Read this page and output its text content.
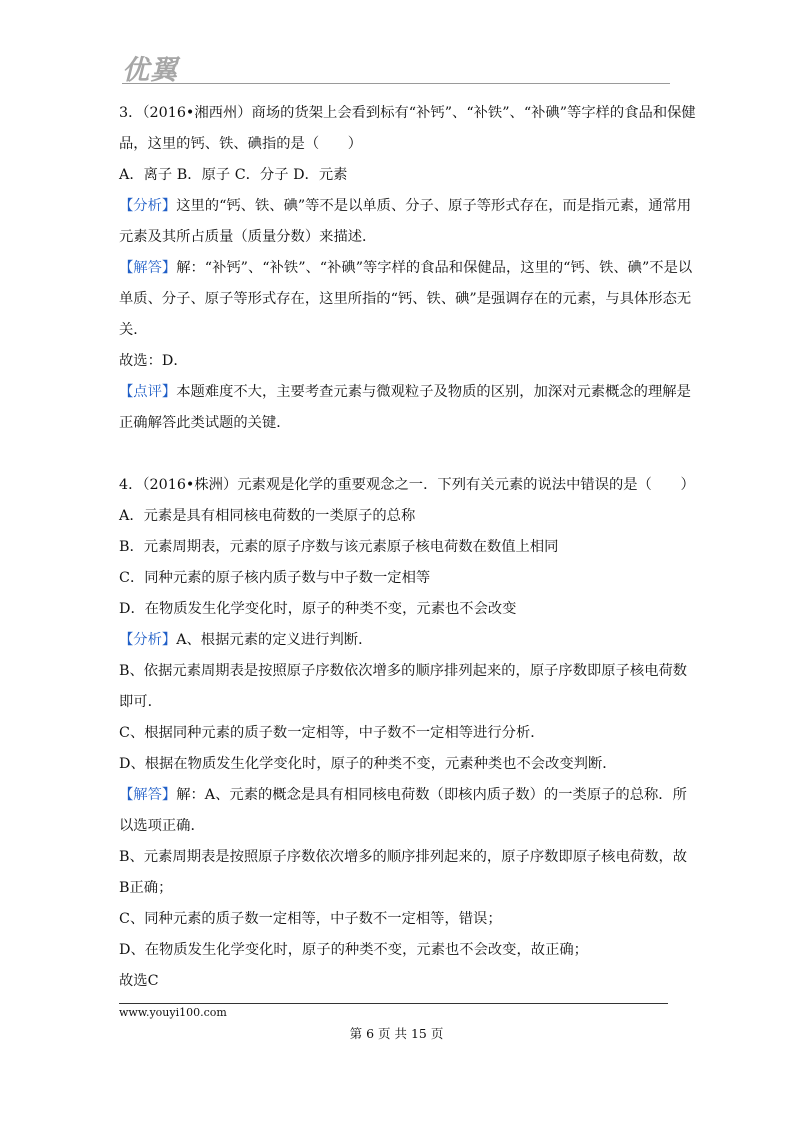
优翼
3．（2016•湘西州）商场的货架上会看到标有“补钙”、“补铁”、“补碘”等字样的食品和保健
品，这里的钙、铁、碘指的是（　　）
A．离子 B．原子 C．分子 D．元素
【分析】这里的“钙、铁、碘”等不是以单质、分子、原子等形式存在，而是指元素，通常用
元素及其所占质量（质量分数）来描述．
【解答】解：“补钙”、“补铁”、“补碘”等字样的食品和保健品，这里的“钙、铁、碘”不是以
单质、分子、原子等形式存在，这里所指的“钙、铁、碘”是强调存在的元素，与具体形态无
关．
故选：D．
【点评】本题难度不大，主要考查元素与微观粒子及物质的区别，加深对元素概念的理解是
正确解答此类试题的关键．
4．（2016•株洲）元素观是化学的重要观念之一．下列有关元素的说法中错误的是（　　）
A．元素是具有相同核电荷数的一类原子的总称
B．元素周期表，元素的原子序数与该元素原子核电荷数在数值上相同
C．同种元素的原子核内质子数与中子数一定相等
D．在物质发生化学变化时，原子的种类不变，元素也不会改变
【分析】A、根据元素的定义进行判断．
B、依据元素周期表是按照原子序数依次增多的顺序排列起来的，原子序数即原子核电荷数
即可．
C、根据同种元素的质子数一定相等，中子数不一定相等进行分析．
D、根据在物质发生化学变化时，原子的种类不变，元素种类也不会改变判断．
【解答】解：A、元素的概念是具有相同核电荷数（即核内质子数）的一类原子的总称．所
以选项正确．
B、元素周期表是按照原子序数依次增多的顺序排列起来的，原子序数即原子核电荷数，故
B正确；
C、同种元素的质子数一定相等，中子数不一定相等，错误；
D、在物质发生化学变化时，原子的种类不变，元素也不会改变，故正确；
故选C
www.youyi100.com
第 6 页 共 15 页
